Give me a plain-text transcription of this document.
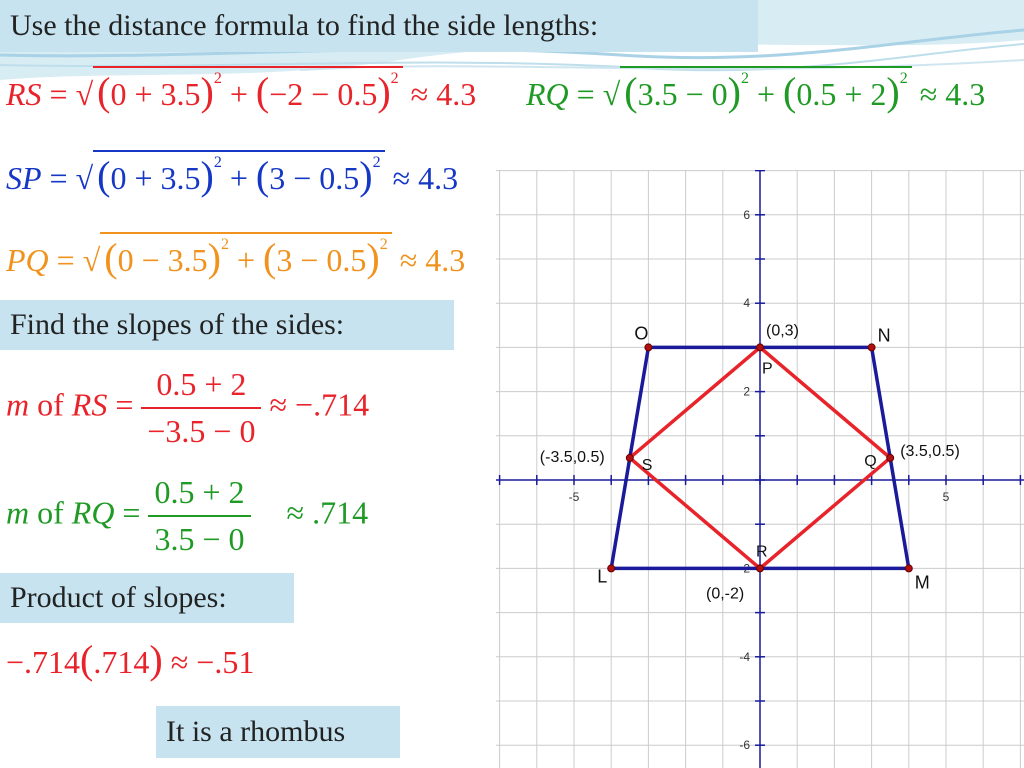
Use the distance formula to find the side lengths:
RS = √ $(0 + 3.5)^2 + (-2 - 0.5)^2 \approx 4.3$ RQ = √ $(3.5 - 0)^2 + (0.5 + 2)^2 \approx 4.3$
SP = √ $(0 + 3.5)^2 + (3 - 0.5)^2 \approx 4.3$
PQ = √ $(0 - 3.5)^2 + (3 - 0.5)^2 \approx 4.3$
Find the slopes of the sides:
m of RS = $\frac{0.5 + 2}{-3.5 - 0} \approx -.714$
m of RQ = $\frac{0.5 + 2}{3.5 - 0} \approx .714$
Product of slopes:
−.714(.714) ≈ −.51
It is a rhombus
-5	5
6
4
2
-2
-4
-6
O	N
L	M
P
Q
R
S
(0,3)
(3.5,0.5)
(0,-2)
(-3.5,0.5)
